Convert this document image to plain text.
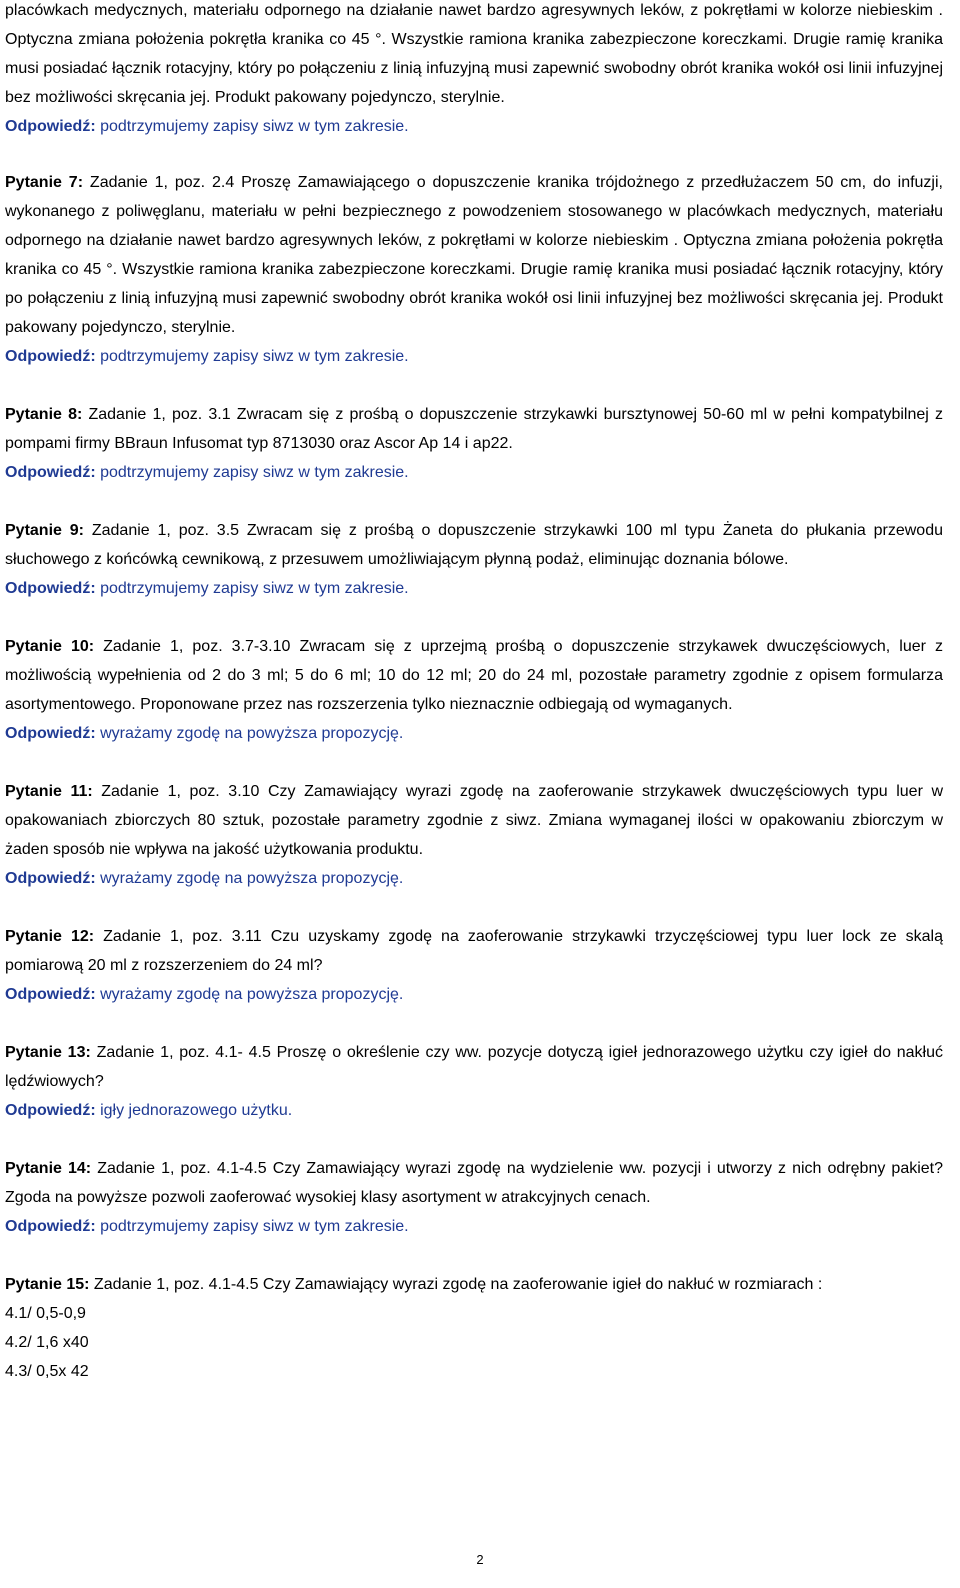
placówkach medycznych, materiału odpornego na działanie nawet bardzo agresywnych leków, z pokrętłami w kolorze niebieskim . Optyczna zmiana położenia pokrętła kranika co 45 °. Wszystkie ramiona kranika zabezpieczone koreczkami. Drugie ramię kranika musi posiadać łącznik rotacyjny, który po połączeniu z linią infuzyjną musi zapewnić swobodny obrót kranika wokół osi linii infuzyjnej bez możliwości skręcania jej. Produkt pakowany pojedynczo, sterylnie.

Odpowiedź: podtrzymujemy zapisy siwz w tym zakresie.

Pytanie 7: Zadanie 1, poz. 2.4 Proszę Zamawiającego o dopuszczenie kranika trójdożnego z przedłużaczem 50 cm, do infuzji, wykonanego z poliwęglanu, materiału w pełni bezpiecznego z powodzeniem stosowanego w placówkach medycznych, materiału odpornego na działanie nawet bardzo agresywnych leków, z pokrętłami w kolorze niebieskim . Optyczna zmiana położenia pokrętła kranika co 45 °. Wszystkie ramiona kranika zabezpieczone koreczkami. Drugie ramię kranika musi posiadać łącznik rotacyjny, który po połączeniu z linią infuzyjną musi zapewnić swobodny obrót kranika wokół osi linii infuzyjnej bez możliwości skręcania jej. Produkt pakowany pojedynczo, sterylnie.

Odpowiedź: podtrzymujemy zapisy siwz w tym zakresie.

Pytanie 8: Zadanie 1, poz. 3.1 Zwracam się z prośbą o dopuszczenie strzykawki bursztynowej 50-60 ml w pełni kompatybilnej z pompami firmy BBraun Infusomat typ 8713030 oraz Ascor Ap 14 i ap22.

Odpowiedź: podtrzymujemy zapisy siwz w tym zakresie.

Pytanie 9: Zadanie 1, poz. 3.5 Zwracam się z prośbą o dopuszczenie strzykawki 100 ml typu Żaneta do płukania przewodu słuchowego z końcówką cewnikową, z przesuwem umożliwiającym płynną podaż, eliminując doznania bólowe.

Odpowiedź: podtrzymujemy zapisy siwz w tym zakresie.

Pytanie 10: Zadanie 1, poz. 3.7-3.10 Zwracam się z uprzejmą prośbą o dopuszczenie strzykawek dwuczęściowych, luer z możliwością wypełnienia od 2 do 3 ml; 5 do 6 ml; 10 do 12 ml; 20 do 24 ml, pozostałe parametry zgodnie z opisem formularza asortymentowego. Proponowane przez nas rozszerzenia tylko nieznacznie odbiegają od wymaganych.

Odpowiedź: wyrażamy zgodę na powyższa propozycję.

Pytanie 11: Zadanie 1, poz. 3.10 Czy Zamawiający wyrazi zgodę na zaoferowanie strzykawek dwuczęściowych typu luer w opakowaniach zbiorczych 80 sztuk, pozostałe parametry zgodnie z siwz. Zmiana wymaganej ilości w opakowaniu zbiorczym w żaden sposób nie wpływa na jakość użytkowania produktu.

Odpowiedź: wyrażamy zgodę na powyższa propozycję.

Pytanie 12: Zadanie 1, poz. 3.11 Czu uzyskamy zgodę na zaoferowanie strzykawki trzyczęściowej typu luer lock ze skalą pomiarową 20 ml z rozszerzeniem do 24 ml?

Odpowiedź: wyrażamy zgodę na powyższa propozycję.

Pytanie 13: Zadanie 1, poz. 4.1- 4.5 Proszę o określenie czy ww. pozycje dotyczą igieł jednorazowego użytku czy igieł do nakłuć lędźwiowych?

Odpowiedź: igły jednorazowego użytku.

Pytanie 14: Zadanie 1, poz. 4.1-4.5 Czy Zamawiający wyrazi zgodę na wydzielenie ww. pozycji i utworzy z nich odrębny pakiet? Zgoda na powyższe pozwoli zaoferować wysokiej klasy asortyment w atrakcyjnych cenach.

Odpowiedź: podtrzymujemy zapisy siwz w tym zakresie.

Pytanie 15: Zadanie 1, poz. 4.1-4.5 Czy Zamawiający wyrazi zgodę na zaoferowanie igieł do nakłuć w rozmiarach :

4.1/ 0,5-0,9

4.2/ 1,6 x40

4.3/ 0,5x 42

2
